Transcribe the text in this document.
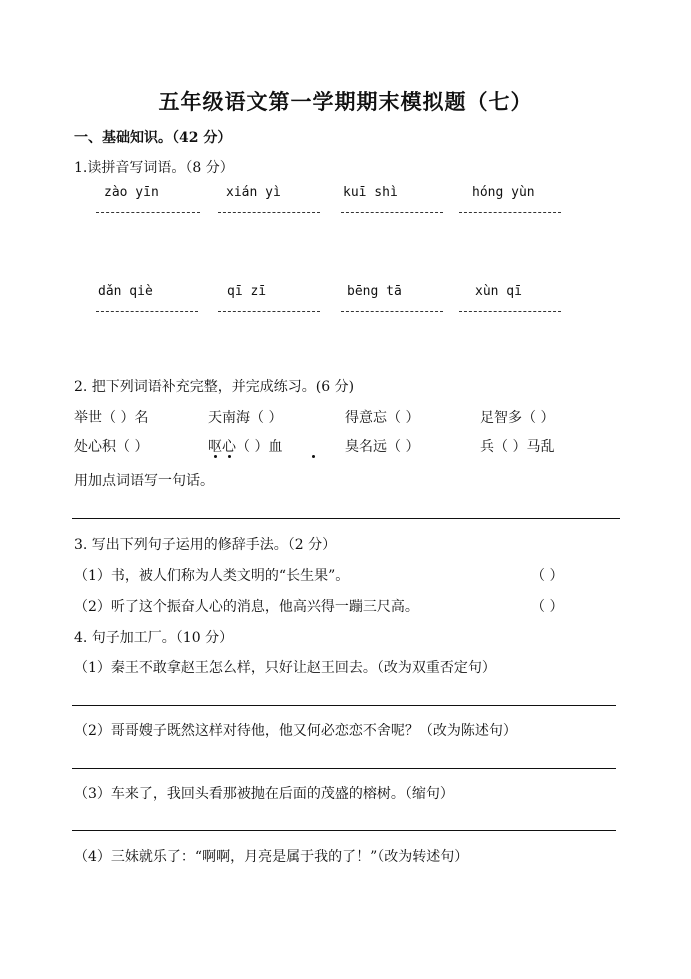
五年级语文第一学期期末模拟题（七）
一、基础知识。（42 分）
1.读拼音写词语。（8 分）
zào yīn	xián yì	kuī shì	hóng yùn
dǎn qiè	qī zī	bēng tā	xùn qī
2. 把下列词语补充完整，并完成练习。(6 分)
举世（ ）名	天南海（ ）	得意忘（ ）	足智多（ ）
处心积（ ）	呕心（ ）血	臭名远（ ）	兵（ ）马乱
用加点词语写一句话。
3. 写出下列句子运用的修辞手法。（2 分）
（1）书，被人们称为人类文明的“长生果”。	（ ）
（2）听了这个振奋人心的消息，他高兴得一蹦三尺高。	（ ）
4. 句子加工厂。（10 分）
（1）秦王不敢拿赵王怎么样，只好让赵王回去。（改为双重否定句）
（2）哥哥嫂子既然这样对待他，他又何必恋恋不舍呢？（改为陈述句）
（3）车来了，我回头看那被抛在后面的茂盛的榕树。（缩句）
（4）三妹就乐了：“啊啊，月亮是属于我的了！”（改为转述句）
